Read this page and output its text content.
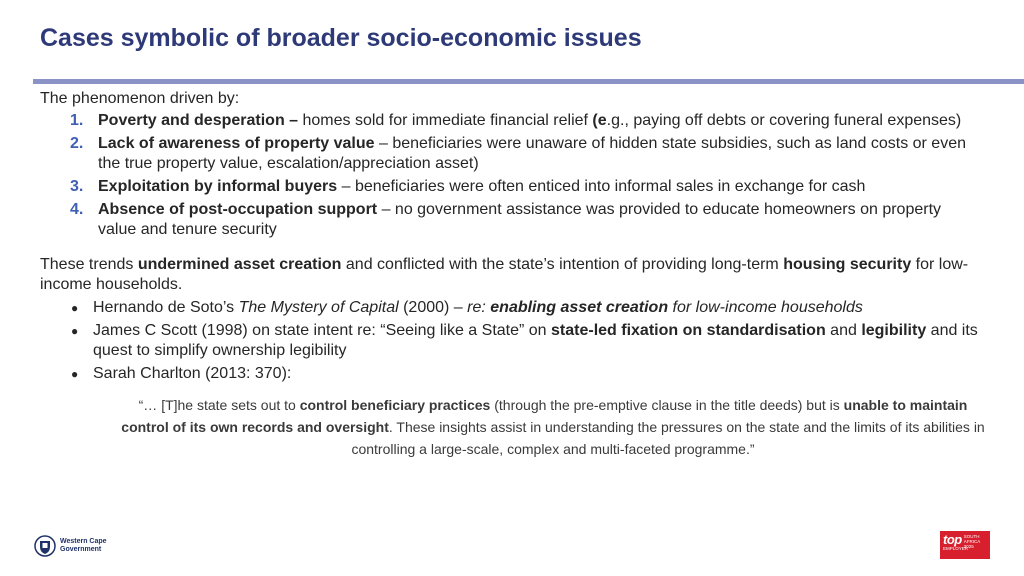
Cases symbolic of broader socio-economic issues
The phenomenon driven by:
1. Poverty and desperation – homes sold for immediate financial relief (e.g., paying off debts or covering funeral expenses)
2. Lack of awareness of property value – beneficiaries were unaware of hidden state subsidies, such as land costs or even the true property value, escalation/appreciation asset)
3. Exploitation by informal buyers – beneficiaries were often enticed into informal sales in exchange for cash
4. Absence of post-occupation support – no government assistance was provided to educate homeowners on property value and tenure security
These trends undermined asset creation and conflicted with the state’s intention of providing long-term housing security for low-income households.
● Hernando de Soto’s The Mystery of Capital (2000) – re: enabling asset creation for low-income households
● James C Scott (1998) on state intent re: “Seeing like a State” on state-led fixation on standardisation and legibility and its quest to simplify ownership legibility
● Sarah Charlton (2013: 370):
“… [T]he state sets out to control beneficiary practices (through the pre-emptive clause in the title deeds) but is unable to maintain control of its own records and oversight. These insights assist in understanding the pressures on the state and the limits of its abilities in controlling a large-scale, complex and multi-faceted programme.”
Western Cape
Government
top SOUTH
AFRICA
2025
EMPLOYER
